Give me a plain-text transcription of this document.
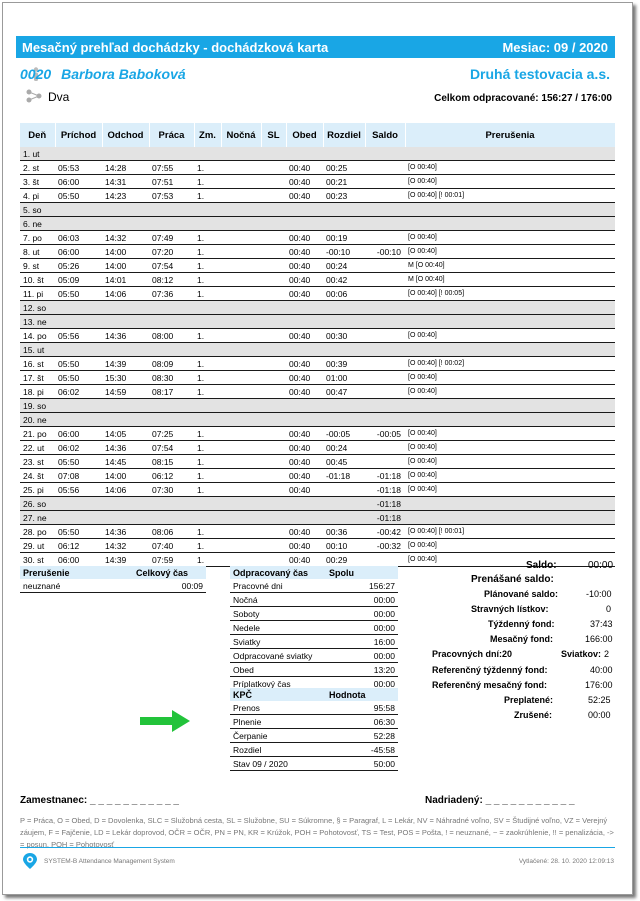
Mesačný prehľad dochádzky - dochádzková karta	Mesiac: 09 / 2020
0020 Barbora Baboková	Druhá testovacia a.s.
Dva	Celkom odpracované: 156:27 / 176:00
Deň	Príchod	Odchod	Práca	Zm.	Nočná	SL	Obed	Rozdiel	Saldo	Prerušenia
1. ut										
2. st	05:53	14:28	07:55	1.			00:40	00:25		[O 00:40]
3. št	06:00	14:31	07:51	1.			00:40	00:21		[O 00:40]
4. pi	05:50	14:23	07:53	1.			00:40	00:23		[O 00:40] [! 00:01]
5. so										
6. ne										
7. po	06:03	14:32	07:49	1.			00:40	00:19		[O 00:40]
8. ut	06:00	14:00	07:20	1.			00:40	-00:10	-00:10	[O 00:40]
9. st	05:26	14:00	07:54	1.			00:40	00:24		M [O 00:40]
10. št	05:09	14:01	08:12	1.			00:40	00:42		M [O 00:40]
11. pi	05:50	14:06	07:36	1.			00:40	00:06		[O 00:40] [! 00:05]
12. so										
13. ne										
14. po	05:56	14:36	08:00	1.			00:40	00:30		[O 00:40]
15. ut										
16. st	05:50	14:39	08:09	1.			00:40	00:39		[O 00:40] [! 00:02]
17. št	05:50	15:30	08:30	1.			00:40	01:00		[O 00:40]
18. pi	06:02	14:59	08:17	1.			00:40	00:47		[O 00:40]
19. so										
20. ne										
21. po	06:00	14:05	07:25	1.			00:40	-00:05	-00:05	[O 00:40]
22. ut	06:02	14:36	07:54	1.			00:40	00:24		[O 00:40]
23. st	05:50	14:45	08:15	1.			00:40	00:45		[O 00:40]
24. št	07:08	14:00	06:12	1.			00:40	-01:18	-01:18	[O 00:40]
25. pi	05:56	14:06	07:30	1.			00:40		-01:18	[O 00:40]
26. so									-01:18	
27. ne									-01:18	
28. po	05:50	14:36	08:06	1.			00:40	00:36	-00:42	[O 00:40] [! 00:01]
29. ut	06:12	14:32	07:40	1.			00:40	00:10	-00:32	[O 00:40]
30. st	06:00	14:39	07:59	1.			00:40	00:29		[O 00:40]
Prerušenie	Celkový čas
neuznané	00:09
Odpracovaný čas	Spolu
Pracovné dni	156:27
Nočná	00:00
Soboty	00:00
Nedele	00:00
Sviatky	16:00
Odpracované sviatky	00:00
Obed	13:20
Príplatkový čas	00:00
KPČ	Hodnota
Prenos	95:58
Plnenie	06:30
Čerpanie	52:28
Rozdiel	-45:58
Stav 09 / 2020	50:00
Saldo:	00:00
Prenášané saldo:
Plánované saldo:	-10:00
Stravných lístkov:	0
Týždenný fond:	37:43
Mesačný fond:	166:00
Pracovných dní:20	Sviatkov: 2
Referenčný týždenný fond:	40:00
Referenčný mesačný fond:	176:00
Preplatené:	52:25
Zrušené:	00:00
Zamestnanec: _ _ _ _ _ _ _ _ _ _ _	Nadriadený: _ _ _ _ _ _ _ _ _ _ _
P = Práca, O = Obed, D = Dovolenka, SLC = Služobná cesta, SL = Služobne, SU = Súkromne, § = Paragraf, L = Lekár, NV = Náhradné voľno, SV = Študijné voľno, VZ = Verejný záujem, F = Fajčenie, LD = Lekár doprovod, OČR = OČR, PN = PN, KR = Krúžok, POH = Pohotovosť, TS = Test, POS = Pošta, ! = neuznané, ~ = zaokrúhlenie, !! = penalizácia, -> = posun, POH = Pohotovosť
SYSTEM-B Attendance Management System	Vytlačené: 28. 10. 2020 12:09:13
